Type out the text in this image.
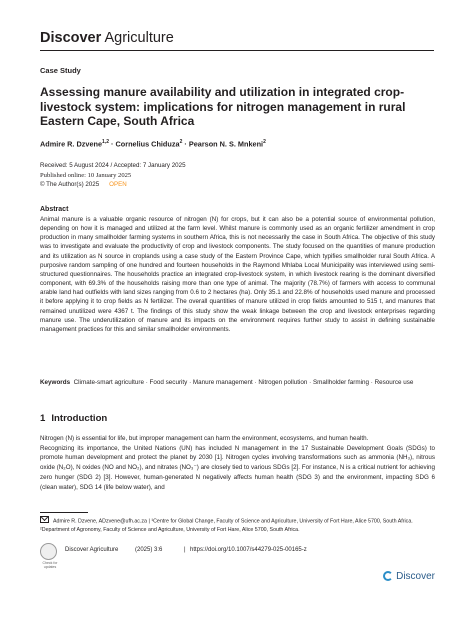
Discover Agriculture
Case Study
Assessing manure availability and utilization in integrated crop-livestock system: implications for nitrogen management in rural Eastern Cape, South Africa
Admire R. Dzvene$^{1,2}$ · Cornelius Chiduza$^2$ · Pearson N. S. Mnkeni$^2$
Received: 5 August 2024 / Accepted: 7 January 2025
Published online: 10 January 2025
© The Author(s) 2025 OPEN
Abstract
Animal manure is a valuable organic resource of nitrogen (N) for crops, but it can also be a potential source of environmental pollution, depending on how it is managed and utilized at the farm level. Whilst manure is commonly used as an organic fertilizer amendment in crop production in many smallholder farming systems in southern Africa, this is not necessarily the case in South Africa. The objective of this study was to investigate and evaluate the productivity of crop and livestock components. The study focused on the quantities of manure production and its utilization as N source in croplands using a case study of the Eastern Province Cape, which typifies smallholder rural South Africa. A purposive random sampling of one hundred and fourteen households in the Raymond Mhlaba Local Municipality was interviewed using semi-structured questionnaires. The households practice an integrated crop-livestock system, in which livestock rearing is the dominant diversified component, with 69.3% of the households raising more than one type of animal. The majority (78.7%) of farmers with access to communal arable land had outfields with land sizes ranging from 0.6 to 2 hectares (ha). Only 35.1 and 22.8% of households used manure and processed it before applying it to crop fields as N fertilizer. The overall quantities of manure utilized in crop fields amounted to 515 t, and manures that remained unutilized were 4367 t. The findings of this study show the weak linkage between the crop and livestock enterprises regarding manure use. The underutilization of manure and its impacts on the environment requires further study to assist in defining sustainable management practices for this and similar smallholder environments.
Keywords Climate-smart agriculture · Food security · Manure management · Nitrogen pollution · Smallholder farming · Resource use
1 Introduction
Nitrogen (N) is essential for life, but improper management can harm the environment, ecosystems, and human health.
Recognizing its importance, the United Nations (UN) has included N management in the 17 Sustainable Development Goals (SDGs) to promote human development and protect the planet by 2030 [1]. Nitrogen cycles involving transformations such as ammonia (NH₃), nitrous oxide (N₂O), N oxides (NO and NO₂), and nitrates (NO₃⁻) are closely tied to various SDGs [2]. For instance, N is a critical nutrient for achieving zero hunger (SDG 2) [3]. However, human-generated N negatively affects human health (SDG 3) and the environment, impacting SDG 6 (clean water), SDG 14 (life below water), and
Admire R. Dzvene, ADzvene@ufh.ac.za | ¹Centre for Global Change, Faculty of Science and Agriculture, University of Fort Hare, Alice 5700, South Africa. ²Department of Agronomy, Faculty of Science and Agriculture, University of Fort Hare, Alice 5700, South Africa.
Check for updates
Discover Agriculture	(2025) 3:6	| https://doi.org/10.1007/s44279-025-00165-z
Discover
